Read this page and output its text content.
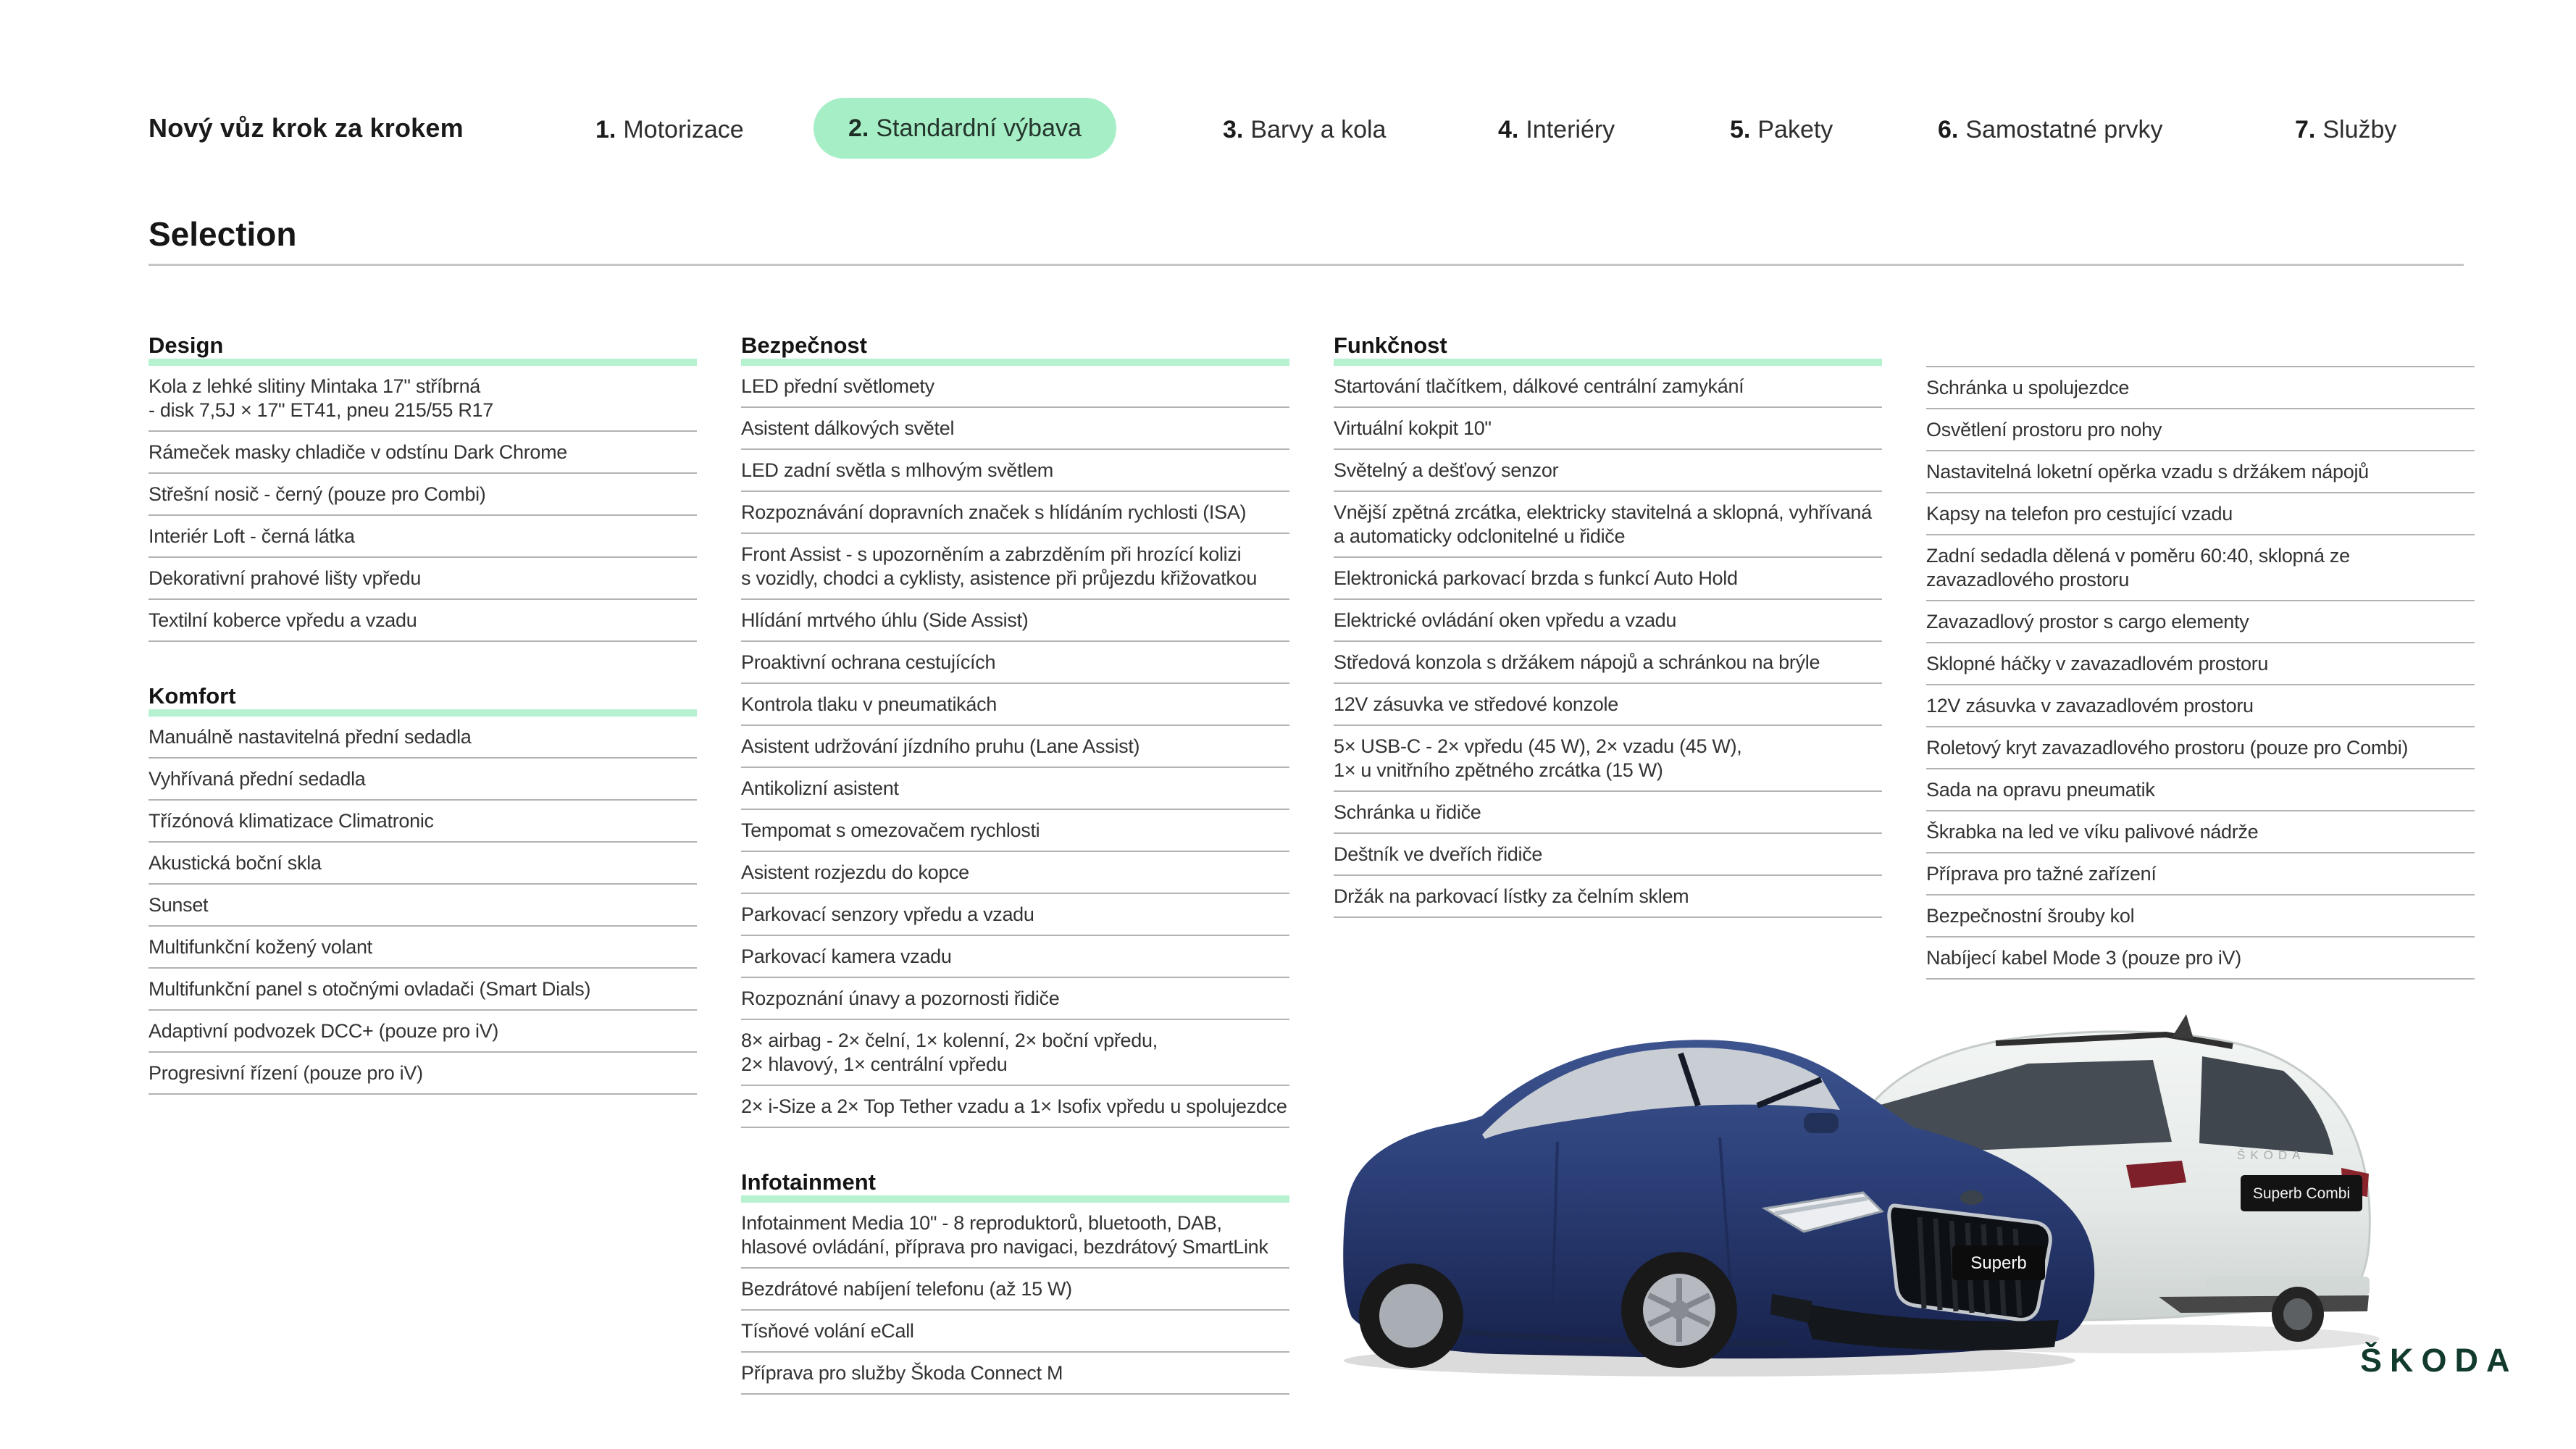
Nový vůz krok za krokem	1. Motorizace	2. Standardní výbava	3. Barvy a kola	4. Interiéry	5. Pakety	6. Samostatné prvky	7. Služby
Selection
Design
Kola z lehké slitiny Mintaka 17" stříbrná
- disk 7,5J × 17" ET41, pneu 215/55 R17
Rámeček masky chladiče v odstínu Dark Chrome
Střešní nosič - černý (pouze pro Combi)
Interiér Loft - černá látka
Dekorativní prahové lišty vpředu
Textilní koberce vpředu a vzadu
Komfort
Manuálně nastavitelná přední sedadla
Vyhřívaná přední sedadla
Třízónová klimatizace Climatronic
Akustická boční skla
Sunset
Multifunkční kožený volant
Multifunkční panel s otočnými ovladači (Smart Dials)
Adaptivní podvozek DCC+ (pouze pro iV)
Progresivní řízení (pouze pro iV)
Bezpečnost
LED přední světlomety
Asistent dálkových světel
LED zadní světla s mlhovým světlem
Rozpoznávání dopravních značek s hlídáním rychlosti (ISA)
Front Assist - s upozorněním a zabrzděním při hrozící kolizi
s vozidly, chodci a cyklisty, asistence při průjezdu křižovatkou
Hlídání mrtvého úhlu (Side Assist)
Proaktivní ochrana cestujících
Kontrola tlaku v pneumatikách
Asistent udržování jízdního pruhu (Lane Assist)
Antikolizní asistent
Tempomat s omezovačem rychlosti
Asistent rozjezdu do kopce
Parkovací senzory vpředu a vzadu
Parkovací kamera vzadu
Rozpoznání únavy a pozornosti řidiče
8× airbag - 2× čelní, 1× kolenní, 2× boční vpředu,
2× hlavový, 1× centrální vpředu
2× i-Size a 2× Top Tether vzadu a 1× Isofix vpředu u spolujezdce
Infotainment
Infotainment Media 10" - 8 reproduktorů, bluetooth, DAB,
hlasové ovládání, příprava pro navigaci, bezdrátový SmartLink
Bezdrátové nabíjení telefonu (až 15 W)
Tísňové volání eCall
Příprava pro služby Škoda Connect M
Funkčnost
Startování tlačítkem, dálkové centrální zamykání
Virtuální kokpit 10"
Světelný a dešťový senzor
Vnější zpětná zrcátka, elektricky stavitelná a sklopná, vyhřívaná
a automaticky odclonitelné u řidiče
Elektronická parkovací brzda s funkcí Auto Hold
Elektrické ovládání oken vpředu a vzadu
Středová konzola s držákem nápojů a schránkou na brýle
12V zásuvka ve středové konzole
5× USB-C - 2× vpředu (45 W), 2× vzadu (45 W),
1× u vnitřního zpětného zrcátka (15 W)
Schránka u řidiče
Deštník ve dveřích řidiče
Držák na parkovací lístky za čelním sklem
Schránka u spolujezdce
Osvětlení prostoru pro nohy
Nastavitelná loketní opěrka vzadu s držákem nápojů
Kapsy na telefon pro cestující vzadu
Zadní sedadla dělená v poměru 60:40, sklopná ze
zavazadlového prostoru
Zavazadlový prostor s cargo elementy
Sklopné háčky v zavazadlovém prostoru
12V zásuvka v zavazadlovém prostoru
Roletový kryt zavazadlového prostoru (pouze pro Combi)
Sada na opravu pneumatik
Škrabka na led ve víku palivové nádrže
Příprava pro tažné zařízení
Bezpečnostní šrouby kol
Nabíjecí kabel Mode 3 (pouze pro iV)
ŠKODA
Superb Combi
Superb
ŠKODA
